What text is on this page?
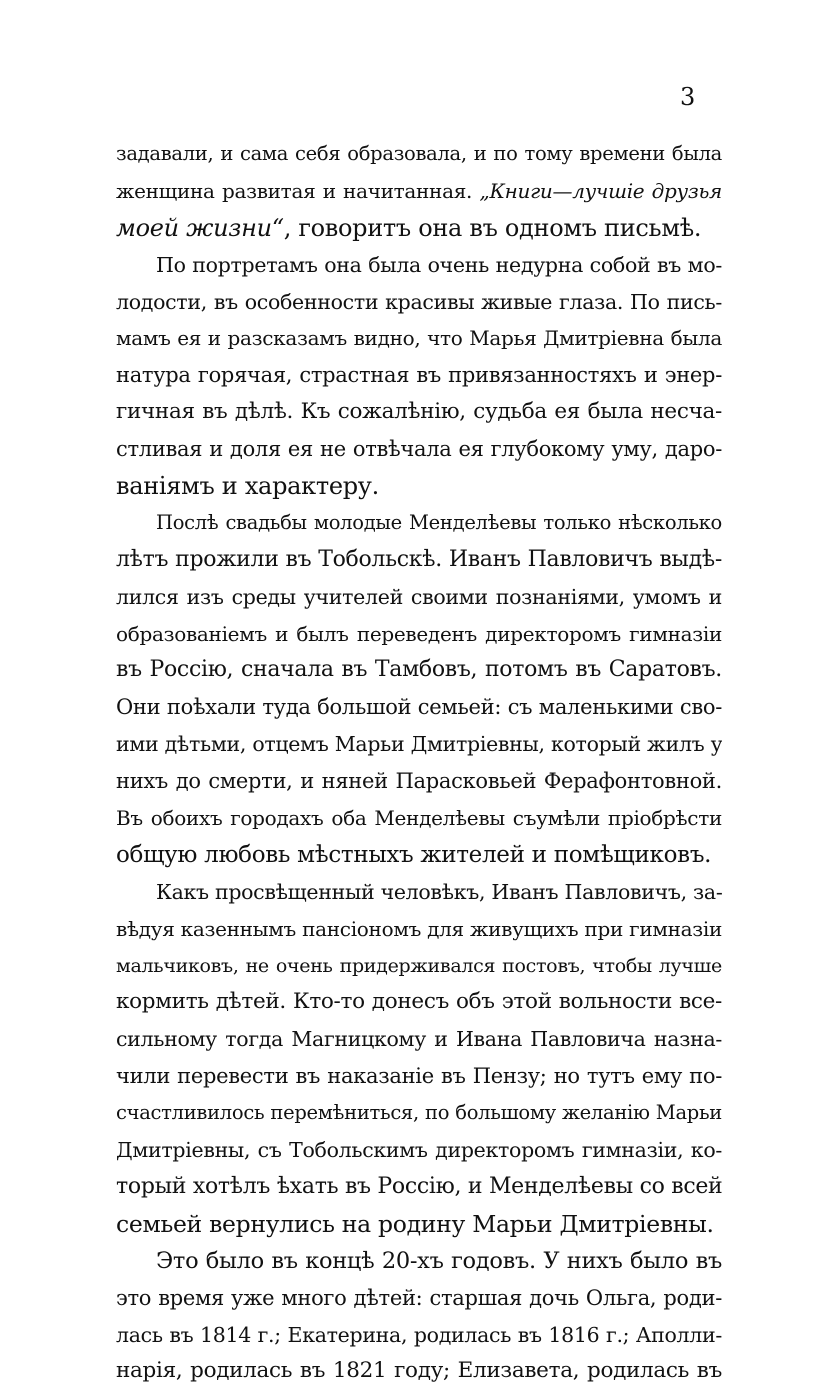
3
задавали, и сама себя образовала, и по тому времени была
женщина развитая и начитанная. „Книги—лучшiе друзья
моей жизни“, говоритъ она въ одномъ письмѣ.
По портретамъ она была очень недурна собой въ мо-
лодости, въ особенности красивы живые глаза. По пись-
мамъ ея и разсказамъ видно, что Марья Дмитрiевна была
натура горячая, страстная въ привязанностяхъ и энер-
гичная въ дѣлѣ. Къ сожалѣнiю, судьба ея была несча-
стливая и доля ея не отвѣчала ея глубокому уму, даро-
ванiямъ и характеру.
Послѣ свадьбы молодые Менделѣевы только нѣсколько
лѣтъ прожили въ Тобольскѣ. Иванъ Павловичъ выдѣ-
лился изъ среды учителей своими познанiями, умомъ и
образованiемъ и былъ переведенъ директоромъ гимназiи
въ Россiю, сначала въ Тамбовъ, потомъ въ Саратовъ.
Они поѣхали туда большой семьей: съ маленькими сво-
ими дѣтьми, отцемъ Марьи Дмитрiевны, который жилъ у
нихъ до смерти, и няней Парасковьей Ферафонтовной.
Въ обоихъ городахъ оба Менделѣевы съумѣли прiобрѣсти
общую любовь мѣстныхъ жителей и помѣщиковъ.
Какъ просвѣщенный человѣкъ, Иванъ Павловичъ, за-
вѣдуя казеннымъ пансiономъ для живущихъ при гимназiи
мальчиковъ, не очень придерживался постовъ, чтобы лучше
кормить дѣтей. Кто-то донесъ объ этой вольности все-
сильному тогда Магницкому и Ивана Павловича назна-
чили перевести въ наказанiе въ Пензу; но тутъ ему по-
счастливилось перемѣниться, по большому желанiю Марьи
Дмитрiевны, съ Тобольскимъ директоромъ гимназiи, ко-
торый хотѣлъ ѣхать въ Россiю, и Менделѣевы со всей
семьей вернулись на родину Марьи Дмитрiевны.
Это было въ концѣ 20-хъ годовъ. У нихъ было въ
это время уже много дѣтей: старшая дочь Ольга, роди-
лась въ 1814 г.; Екатерина, родилась въ 1816 г.; Аполли-
нарiя, родилась въ 1821 году; Елизавета, родилась въ
